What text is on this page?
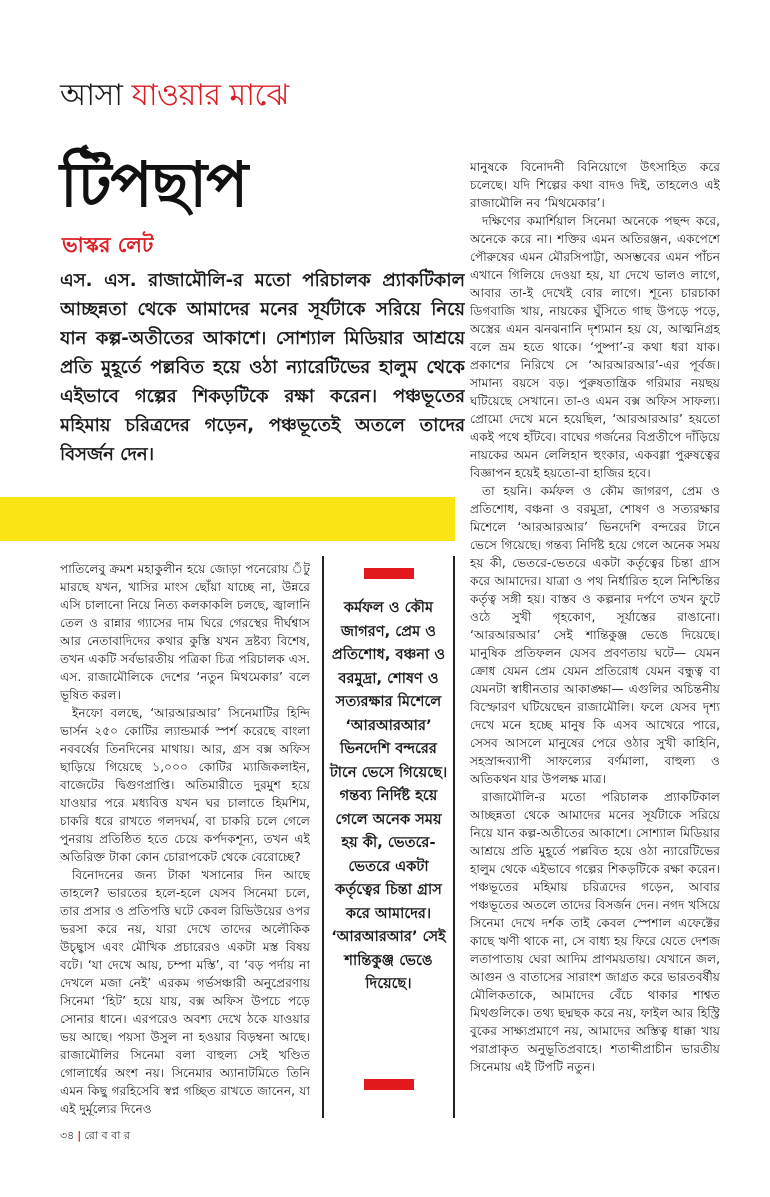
আসা যাওয়ার মাঝে
টিপছাপ
ভাস্কর লেট

এস. এস. রাজামৌলি-র মতো পরিচালক প্র্যাকটিকাল আচ্ছন্নতা থেকে আমাদের মনের সূর্যটাকে সরিয়ে নিয়ে যান কল্প-অতীতের আকাশে। সোশ্যাল মিডিয়ার আশ্রয়ে প্রতি মুহূর্তে পল্লবিত হয়ে ওঠা ন্যারেটিভের হালুম থেকে এইভাবে গল্পের শিকড়টিকে রক্ষা করেন। পঞ্চভূতের মহিমায় চরিত্রদের গড়েন, পঞ্চভূতেই অতলে তাদের বিসর্জন দেন।

পাতিলেবু ক্রমশ মহাকুলীন হয়ে জোড়া পনেরোয় ঁটু মারছে যখন, খাসির মাংস ছোঁয়া যাচ্ছে না, উন্নরে এসি চালানো নিয়ে নিত্য কলকাকলি চলছে, জ্বালানি তেল ও রান্নার গ্যাসের দাম ঘিরে গেরস্থের দীর্ঘশ্বাস আর নেতাবাদিদের কথার কুস্তি যখন দ্রষ্টব্য বিশেষ, তখন একটি সর্বভারতীয় পত্রিকা চিত্র পরিচালক এস. এস. রাজামৌলিকে দেশের ‘নতুন মিথমেকার’ বলে ভূষিত করল।

ইনফো বলছে, ‘আরআরআর’ সিনেমাটির হিন্দি ভার্সন ২৫০ কোটির ল্যান্ডমার্ক স্পর্শ করেছে বাংলা নববর্ষের তিনদিনের মাথায়। আর, গ্রস বক্স অফিস ছাড়িয়ে গিয়েছে ১,০০০ কোটির ম্যাজিকলাইন, বাজেটের দ্বিগুণপ্রাপ্তি। অতিমারীতে দুরমুশ হয়ে যাওয়ার পরে মধ্যবিত্ত যখন ঘর চালাতে হিমশিম, চাকরি ধরে রাখতে গলদঘর্ম, বা চাকরি চলে গেলে পুনরায় প্রতিষ্ঠিত হতে চেয়ে কর্পদকশূন্য, তখন এই অতিরিক্ত টাকা কোন চোরাপকেট থেকে বেরোচ্ছে?

বিনোদনের জন্য টাকা খসানোর দিন আছে তাহলে? ভারতের হলে-হলে যেসব সিনেমা চলে, তার প্রসার ও প্রতিপত্তি ঘটে কেবল রিভিউয়ের ওপর ভরসা করে নয়, যারা দেখে তাদের অলৌকিক উচ্ছ্বাস এবং মৌখিক প্রচারেরও একটা মস্ত বিষয় বটে। ‘যা দেখে আয়, চম্পা মস্তি’, বা ‘বড় পর্দায় না দেখলে মজা নেই’ এরকম গর্ভসঞ্চারী অনুপ্রেরণায় সিনেমা ‘হিট’ হয়ে যায়, বক্স অফিস উপচে পড়ে সোনার ধানে। এরপরেও অবশ্য দেখে ঠকে যাওয়ার ভয় আছে। পয়সা উসুল না হওয়ার বিড়ম্বনা আছে। রাজামৌলির সিনেমা বলা বাহুল্য সেই খণ্ডিত গোলার্ধের অংশ নয়। সিনেমার অ্যানাটমিতে তিনি এমন কিছু গরহিসেবি স্বপ্ন গচ্ছিত রাখতে জানেন, যা এই দুর্মূল্যের দিনেও

কর্মফল ও কৌম জাগরণ, প্রেম ও প্রতিশোধ, বঞ্চনা ও বরমুদ্রা, শোষণ ও সত্যরক্ষার মিশেলে ‘আরআরআর’ ভিনদেশি বন্দরের টানে ভেসে গিয়েছে। গন্তব্য নির্দিষ্ট হয়ে গেলে অনেক সময় হয় কী, ভেতরে-ভেতরে একটা কর্তৃত্বের চিন্তা গ্রাস করে আমাদের। ‘আরআরআর’ সেই শান্তিকুঞ্জ ভেঙে দিয়েছে।

মানুষকে বিনোদনী বিনিয়োগে উৎসাহিত করে চলেছে। যদি শিল্পের কথা বাদও দিই, তাহলেও এই রাজামৌলি নব ‘মিথমেকার’।

দক্ষিণের কমার্শিয়াল সিনেমা অনেকে পছন্দ করে, অনেকে করে না। শক্তির এমন অতিরঞ্জন, একপেশে পৌরুষের এমন মৌরসিপাট্টা, অসম্ভবের এমন পাঁচন এখানে গিলিয়ে দেওয়া হয়, যা দেখে ভালও লাগে, আবার তা-ই দেখেই বোর লাগে। শূন্যে চারচাকা ডিগবাজি খায়, নায়কের ঘুঁসিতে গাছ উপড়ে পড়ে, অস্ত্রের এমন ঝনঝনানি দৃশ্যমান হয় যে, আত্মনিগ্রহ বলে ভ্রম হতে থাকে। ‘পুষ্পা’-র কথা ধরা যাক। প্রকাশের নিরিখে সে ‘আরআরআর’-এর পূর্বজ। সামান্য বয়সে বড়। পুরুষতান্ত্রিক গরিমার নয়ছয় ঘটিয়েছে সেখানে। তা-ও এমন বক্স অফিস সাফল্য। প্রোমো দেখে মনে হয়েছিল, ‘আরআরআর’ হয়তো একই পথে হাঁটবে। বাঘের গর্জনের বিপ্রতীপে দাঁড়িয়ে নায়কের অমন লেলিহান হুংকার, একবগ্গা পুরুষত্বের বিজ্ঞাপন হয়েই হয়তো-বা হাজির হবে।

তা হয়নি। কর্মফল ও কৌম জাগরণ, প্রেম ও প্রতিশোধ, বঞ্চনা ও বরমুদ্রা, শোষণ ও সত্যরক্ষার মিশেলে ‘আরআরআর’ ভিনদেশি বন্দরের টানে ভেসে গিয়েছে। গন্তব্য নির্দিষ্ট হয়ে গেলে অনেক সময় হয় কী, ভেতরে-ভেতরে একটা কর্তৃত্বের চিন্তা গ্রাস করে আমাদের। যাত্রা ও পথ নির্ধারিত হলে নিশ্চিন্তির কর্তৃত্ব সঙ্গী হয়। বাস্তব ও কল্পনার দর্পণে তখন ফুটে ওঠে সুখী গৃহকোণ, সূর্যাস্তের রাঙানো। ‘আরআরআর’ সেই শান্তিকুঞ্জ ভেঙে দিয়েছে। মানুষিক প্রতিফলন যেসব প্রবণতায় ঘটে— যেমন ক্রোধ যেমন প্রেম যেমন প্রতিরোধ যেমন বন্ধুত্ব বা যেমনটা স্বাধীনতার আকাঙ্ক্ষা— এগুলির অচিন্তনীয় বিস্ফোরণ ঘটিয়েছেন রাজামৌলি। ফলে যেসব দৃশ্য দেখে মনে হচ্ছে মানুষ কি এসব আখেরে পারে, সেসব আসলে মানুষের পেরে ওঠার সুখী কাহিনি, সহস্রাব্দব্যাপী সাফল্যের বর্ণমালা, বাহুল্য ও অতিকথন যার উপলক্ষ মাত্র।

রাজামৌলি-র মতো পরিচালক প্র্যাকটিকাল আচ্ছন্নতা থেকে আমাদের মনের সূর্যটাকে সরিয়ে নিয়ে যান কল্প-অতীতের আকাশে। সোশ্যাল মিডিয়ার আশ্রয়ে প্রতি মুহূর্তে পল্লবিত হয়ে ওঠা ন্যারেটিভের হালুম থেকে এইভাবে গল্পের শিকড়টিকে রক্ষা করেন। পঞ্চভূতের মহিমায় চরিত্রদের গড়েন, আবার পঞ্চভূতের অতলে তাদের বিসর্জন দেন। নগদ খসিয়ে সিনেমা দেখে দর্শক তাই কেবল স্পেশাল এফেক্টের কাছে ঋণী থাকে না, সে বাধ্য হয় ফিরে যেতে দেশজ লতাপাতায় ঘেরা আদিম প্রাণময়তায়। যেখানে জল, আগুন ও বাতাসের সারাংশ জাগ্রত করে ভারতবর্ষীয় মৌলিকতাকে, আমাদের বেঁচে থাকার শাশ্বত মিথগুলিকে। তথ্য ছদ্মছক করে নয়, ফাইল আর হিস্ট্রি বুকের সাক্ষ্যপ্রমাণে নয়, আমাদের অস্তিত্ব ধাক্কা খায় পরাপ্রাকৃত অনুভূতিপ্রবাহে। শতাব্দীপ্রাচীন ভারতীয় সিনেমায় এই টিপটি নতুন।

৩৪ | রো ব বা র
